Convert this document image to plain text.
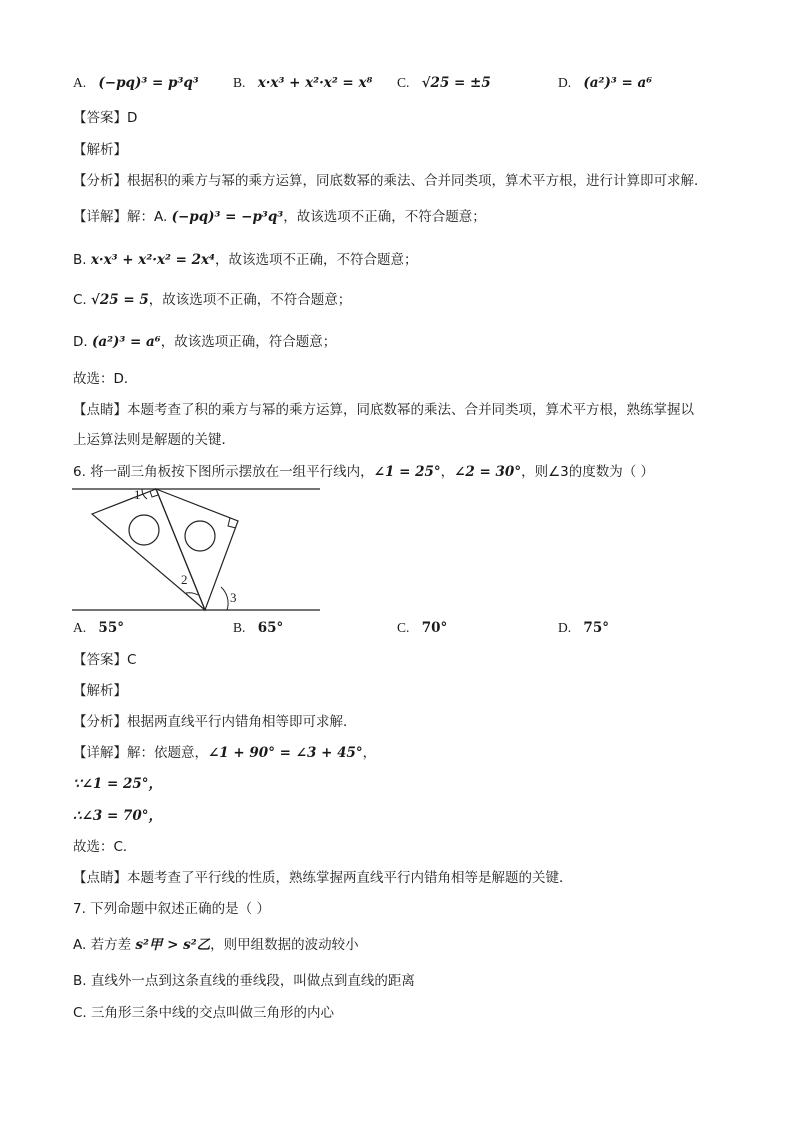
A. (−pq)³ = p³q³	B. x·x³ + x²·x² = x⁸ C. √25 = ±5	D. (a²)³ = a⁶
【答案】D
【解析】
【分析】根据积的乘方与幂的乘方运算，同底数幂的乘法、合并同类项，算术平方根，进行计算即可求解．
【详解】解：A. (−pq)³ = −p³q³，故该选项不正确，不符合题意；
B. x·x³ + x²·x² = 2x⁴，故该选项不正确，不符合题意；
C. √25 = 5，故该选项不正确，不符合题意；
D. (a²)³ = a⁶，故该选项正确，符合题意；
故选：D．
【点睛】本题考查了积的乘方与幂的乘方运算，同底数幂的乘法、合并同类项，算术平方根，熟练掌握以
上运算法则是解题的关键．
6. 将一副三角板按下图所示摆放在一组平行线内，∠1 = 25°，∠2 = 30°，则∠3的度数为（ ）
1
2
3
A. 55°	B. 65°	C. 70°	D. 75°
【答案】C
【解析】
【分析】根据两直线平行内错角相等即可求解．
【详解】解：依题意，∠1 + 90° = ∠3 + 45°，
∵∠1 = 25°，
∴∠3 = 70°，
故选：C．
【点睛】本题考查了平行线的性质，熟练掌握两直线平行内错角相等是解题的关键．
7. 下列命题中叙述正确的是（ ）
A. 若方差 s²甲 > s²乙，则甲组数据的波动较小
B. 直线外一点到这条直线的垂线段，叫做点到直线的距离
C. 三角形三条中线的交点叫做三角形的内心
